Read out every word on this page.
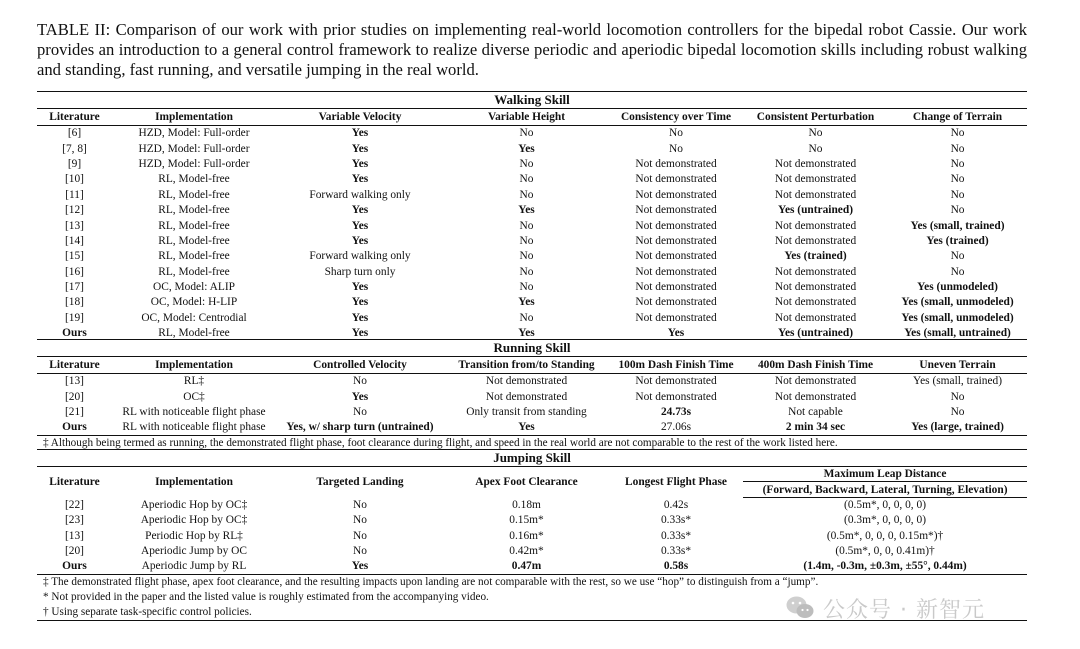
TABLE II: Comparison of our work with prior studies on implementing real-world locomotion controllers for the bipedal robot Cassie. Our work provides an introduction to a general control framework to realize diverse periodic and aperiodic bipedal locomotion skills including robust walking and standing, fast running, and versatile jumping in the real world.
Walking Skill						
Literature	Implementation	Variable Velocity	Variable Height	Consistency over Time	Consistent Perturbation	Change of Terrain
[6]	HZD, Model: Full-order	Yes	No	No	No	No
[7, 8]	HZD, Model: Full-order	Yes	Yes	No	No	No
[9]	HZD, Model: Full-order	Yes	No	Not demonstrated	Not demonstrated	No
[10]	RL, Model-free	Yes	No	Not demonstrated	Not demonstrated	No
[11]	RL, Model-free	Forward walking only	No	Not demonstrated	Not demonstrated	No
[12]	RL, Model-free	Yes	Yes	Not demonstrated	Yes (untrained)	No
[13]	RL, Model-free	Yes	No	Not demonstrated	Not demonstrated	Yes (small, trained)
[14]	RL, Model-free	Yes	No	Not demonstrated	Not demonstrated	Yes (trained)
[15]	RL, Model-free	Forward walking only	No	Not demonstrated	Yes (trained)	No
[16]	RL, Model-free	Sharp turn only	No	Not demonstrated	Not demonstrated	No
[17]	OC, Model: ALIP	Yes	No	Not demonstrated	Not demonstrated	Yes (unmodeled)
[18]	OC, Model: H-LIP	Yes	Yes	Not demonstrated	Not demonstrated	Yes (small, unmodeled)
[19]	OC, Model: Centrodial	Yes	No	Not demonstrated	Not demonstrated	Yes (small, unmodeled)
Ours	RL, Model-free	Yes	Yes	Yes	Yes (untrained)	Yes (small, untrained)
Running Skill						
Literature	Implementation	Controlled Velocity	Transition from/to Standing	100m Dash Finish Time	400m Dash Finish Time	Uneven Terrain
[13]	RL‡	No	Not demonstrated	Not demonstrated	Not demonstrated	Yes (small, trained)
[20]	OC‡	Yes	Not demonstrated	Not demonstrated	Not demonstrated	No
[21]	RL with noticeable flight phase	No	Only transit from standing	24.73s	Not capable	No
Ours	RL with noticeable flight phase	Yes, w/ sharp turn (untrained)	Yes	27.06s	2 min 34 sec	Yes (large, trained)
‡ Although being termed as running, the demonstrated flight phase, foot clearance during flight, and speed in the real world are not comparable to the rest of the work listed here.						
Jumping Skill					
Literature	Implementation	Targeted Landing	Apex Foot Clearance	Longest Flight Phase	Maximum Leap Distance
					(Forward, Backward, Lateral, Turning, Elevation)
[22]	Aperiodic Hop by OC‡	No	0.18m	0.42s	(0.5m*, 0, 0, 0, 0)
[23]	Aperiodic Hop by OC‡	No	0.15m*	0.33s*	(0.3m*, 0, 0, 0, 0)
[13]	Periodic Hop by RL‡	No	0.16m*	0.33s*	(0.5m*, 0, 0, 0, 0.15m*)†
[20]	Aperiodic Jump by OC	No	0.42m*	0.33s*	(0.5m*, 0, 0, 0.41m)†
Ours	Aperiodic Jump by RL	Yes	0.47m	0.58s	(1.4m, -0.3m, ±0.3m, ±55°, 0.44m)
‡ The demonstrated flight phase, apex foot clearance, and the resulting impacts upon landing are not comparable with the rest, so we use “hop” to distinguish from a “jump”.					
* Not provided in the paper and the listed value is roughly estimated from the accompanying video.					
† Using separate task-specific control policies.						公众号 · 新智元
